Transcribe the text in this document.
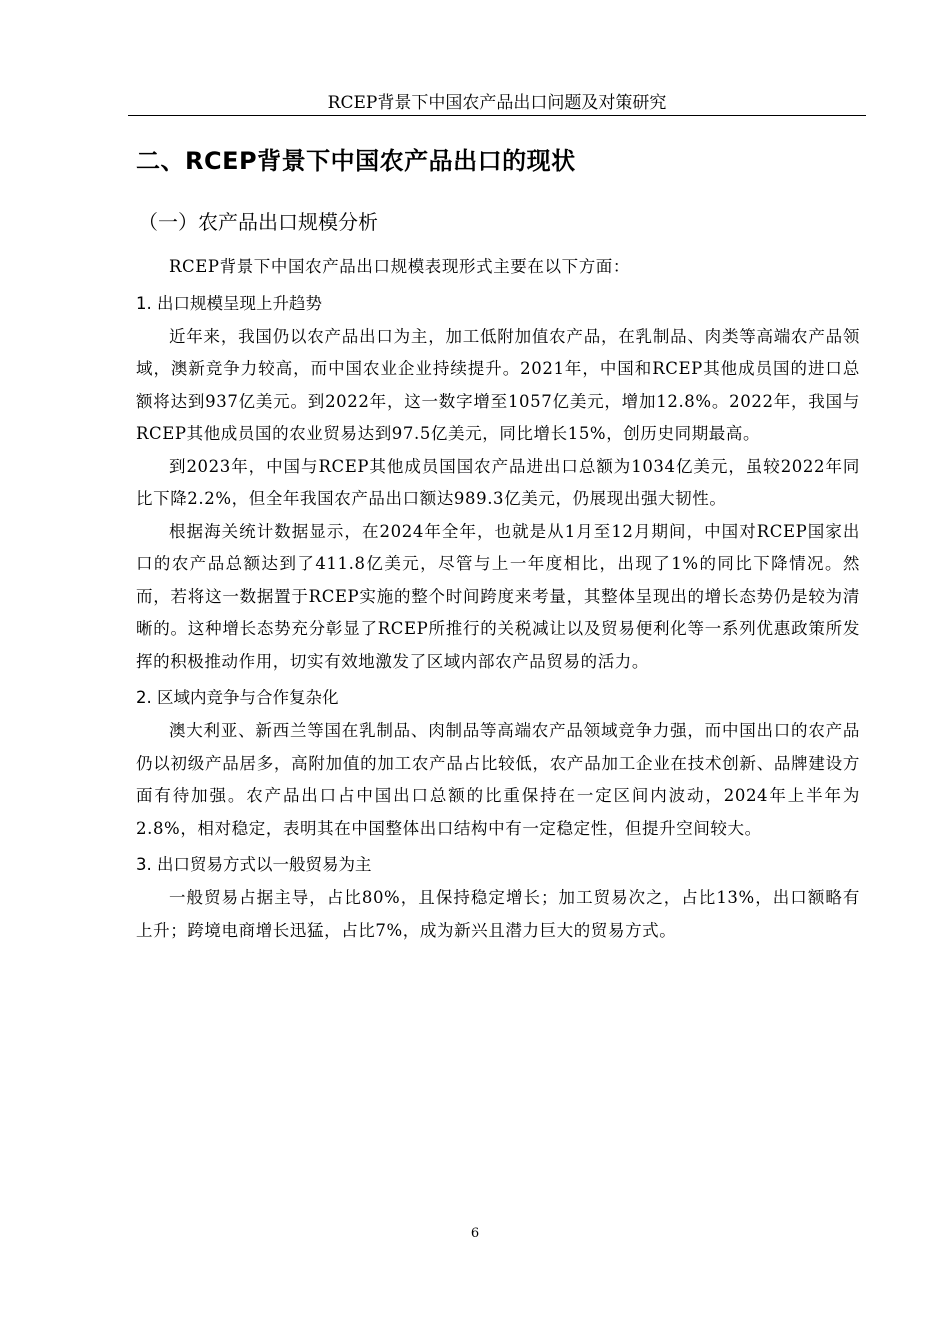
RCEP背景下中国农产品出口问题及对策研究
二、RCEP背景下中国农产品出口的现状
（一）农产品出口规模分析

RCEP背景下中国农产品出口规模表现形式主要在以下方面：

1. 出口规模呈现上升趋势

近年来，我国仍以农产品出口为主，加工低附加值农产品，在乳制品、肉类等高端农产品领域，澳新竞争力较高，而中国农业企业持续提升。2021年，中国和RCEP其他成员国的进口总额将达到937亿美元。到2022年，这一数字增至1057亿美元，增加12.8%。2022年，我国与RCEP其他成员国的农业贸易达到97.5亿美元，同比增长15%，创历史同期最高。

到2023年，中国与RCEP其他成员国国农产品进出口总额为1034亿美元，虽较2022年同比下降2.2%，但全年我国农产品出口额达989.3亿美元，仍展现出强大韧性。

根据海关统计数据显示，在2024年全年，也就是从1月至12月期间，中国对RCEP国家出口的农产品总额达到了411.8亿美元，尽管与上一年度相比，出现了1%的同比下降情况。然而，若将这一数据置于RCEP实施的整个时间跨度来考量，其整体呈现出的增长态势仍是较为清晰的。这种增长态势充分彰显了RCEP所推行的关税减让以及贸易便利化等一系列优惠政策所发挥的积极推动作用，切实有效地激发了区域内部农产品贸易的活力。

2. 区域内竞争与合作复杂化

澳大利亚、新西兰等国在乳制品、肉制品等高端农产品领域竞争力强，而中国出口的农产品仍以初级产品居多，高附加值的加工农产品占比较低，农产品加工企业在技术创新、品牌建设方面有待加强。农产品出口占中国出口总额的比重保持在一定区间内波动，2024年上半年为2.8%，相对稳定，表明其在中国整体出口结构中有一定稳定性，但提升空间较大。

3. 出口贸易方式以一般贸易为主

一般贸易占据主导，占比80%，且保持稳定增长；加工贸易次之，占比13%，出口额略有上升；跨境电商增长迅猛，占比7%，成为新兴且潜力巨大的贸易方式。

6
